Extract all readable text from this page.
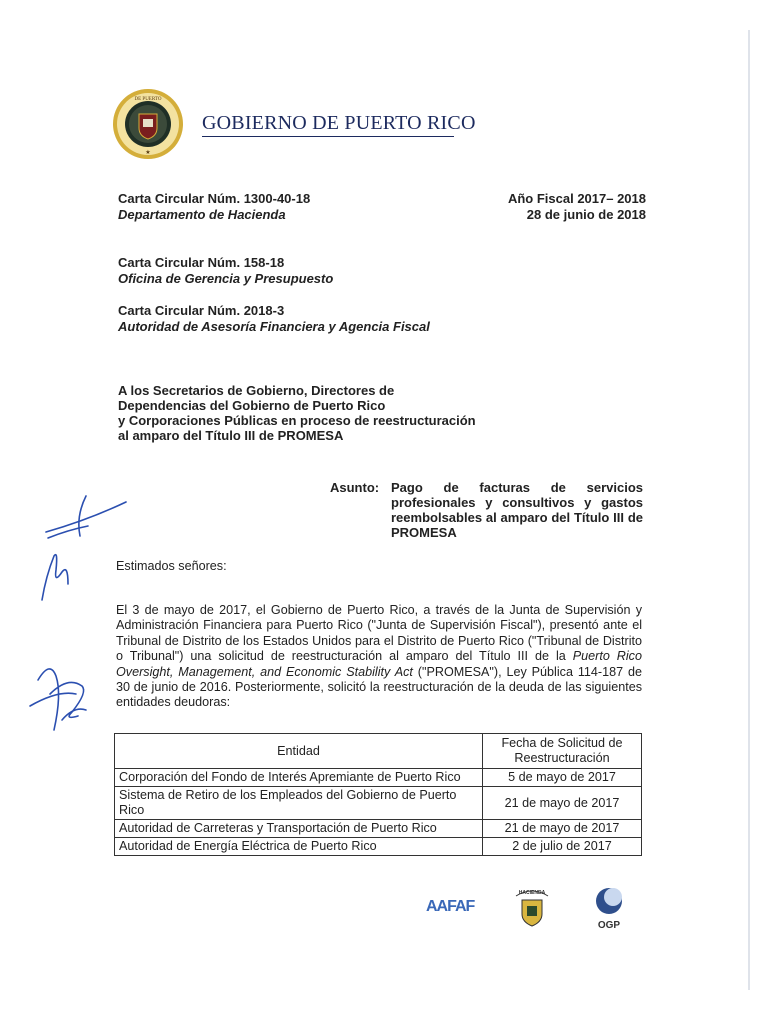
DE PUERTO
★
GOBIERNO DE PUERTO RICO
Carta Circular Núm. 1300-40-18
Departamento de Hacienda
Año Fiscal 2017– 2018
28 de junio de 2018
Carta Circular Núm. 158-18
Oficina de Gerencia y Presupuesto
Carta Circular Núm. 2018-3
Autoridad de Asesoría Financiera y Agencia Fiscal
A los Secretarios de Gobierno, Directores de
Dependencias del Gobierno de Puerto Rico
y Corporaciones Públicas en proceso de reestructuración
al amparo del Título III de PROMESA
Asunto: Pago de facturas de servicios profesionales y consultivos y gastos reembolsables al amparo del Título III de PROMESA
Estimados señores:
El 3 de mayo de 2017, el Gobierno de Puerto Rico, a través de la Junta de Supervisión y Administración Financiera para Puerto Rico ("Junta de Supervisión Fiscal"), presentó ante el Tribunal de Distrito de los Estados Unidos para el Distrito de Puerto Rico ("Tribunal de Distrito o Tribunal") una solicitud de reestructuración al amparo del Título III de la Puerto Rico Oversight, Management, and Economic Stability Act ("PROMESA"), Ley Pública 114-187 de 30 de junio de 2016. Posteriormente, solicitó la reestructuración de la deuda de las siguientes entidades deudoras:
Entidad	Fecha de Solicitud de Reestructuración
Corporación del Fondo de Interés Apremiante de Puerto Rico	5 de mayo de 2017
Sistema de Retiro de los Empleados del Gobierno de Puerto Rico	21 de mayo de 2017
Autoridad de Carreteras y Transportación de Puerto Rico	21 de mayo de 2017
Autoridad de Energía Eléctrica de Puerto Rico	2 de julio de 2017
AAFAF
HACIENDA
OGP
